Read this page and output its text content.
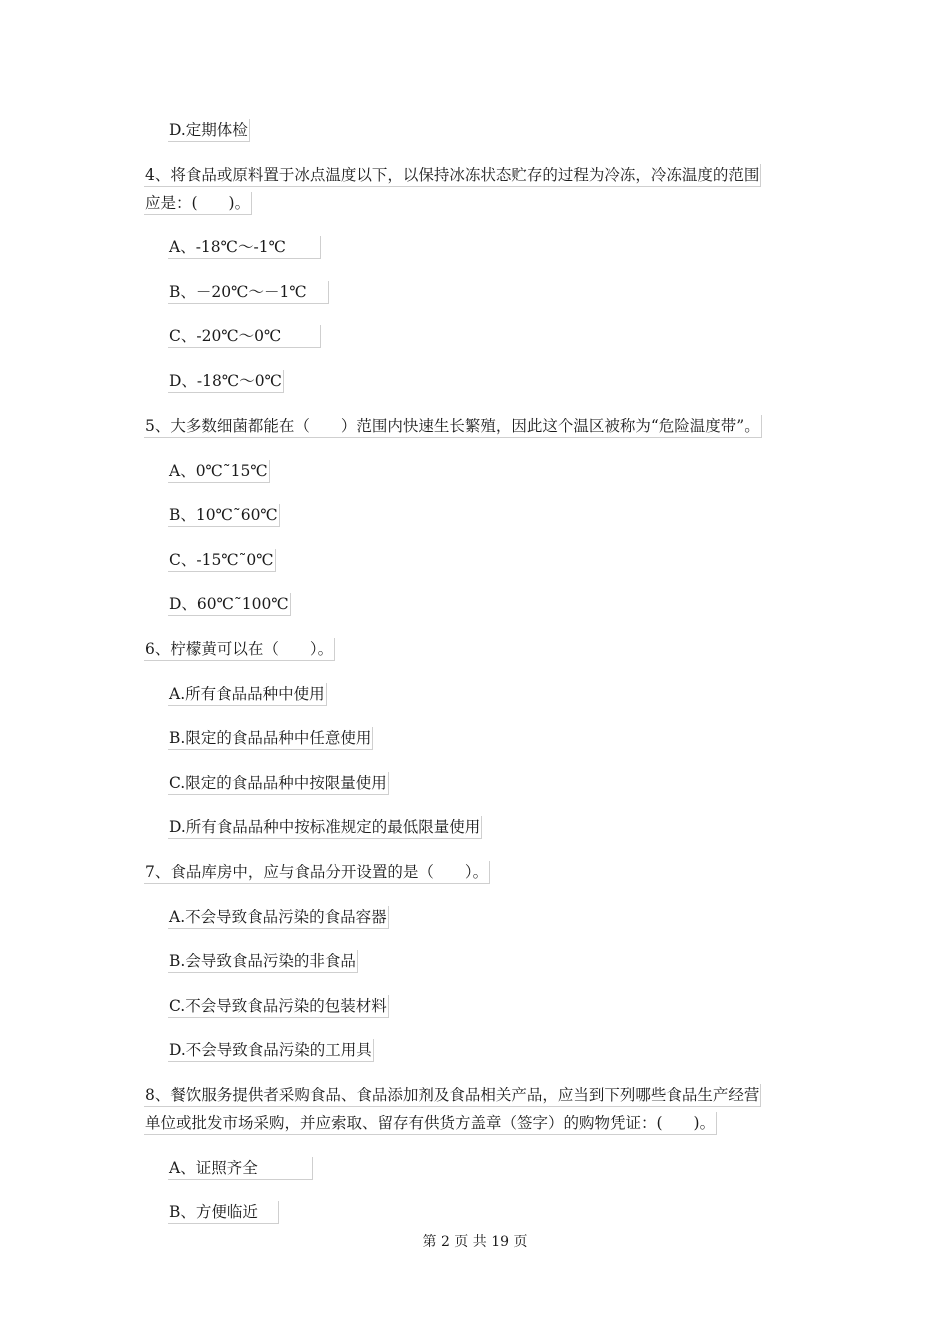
D.定期体检
4、将食品或原料置于冰点温度以下，以保持冰冻状态贮存的过程为冷冻，冷冻温度的范围
应是：(　　)。
A、-18℃～-1℃
B、－20℃～－1℃
C、-20℃～0℃
D、-18℃～0℃
5、大多数细菌都能在（　　）范围内快速生长繁殖，因此这个温区被称为“危险温度带”。
A、0℃˜15℃
B、10℃˜60℃
C、-15℃˜0℃
D、60℃˜100℃
6、柠檬黄可以在（　　）。
A.所有食品品种中使用
B.限定的食品品种中任意使用
C.限定的食品品种中按限量使用
D.所有食品品种中按标准规定的最低限量使用
7、食品库房中，应与食品分开设置的是（　　）。
A.不会导致食品污染的食品容器
B.会导致食品污染的非食品
C.不会导致食品污染的包装材料
D.不会导致食品污染的工用具
8、餐饮服务提供者采购食品、食品添加剂及食品相关产品，应当到下列哪些食品生产经营
单位或批发市场采购，并应索取、留存有供货方盖章（签字）的购物凭证：(　　)。
A、证照齐全
B、方便临近
第 2 页 共 19 页
